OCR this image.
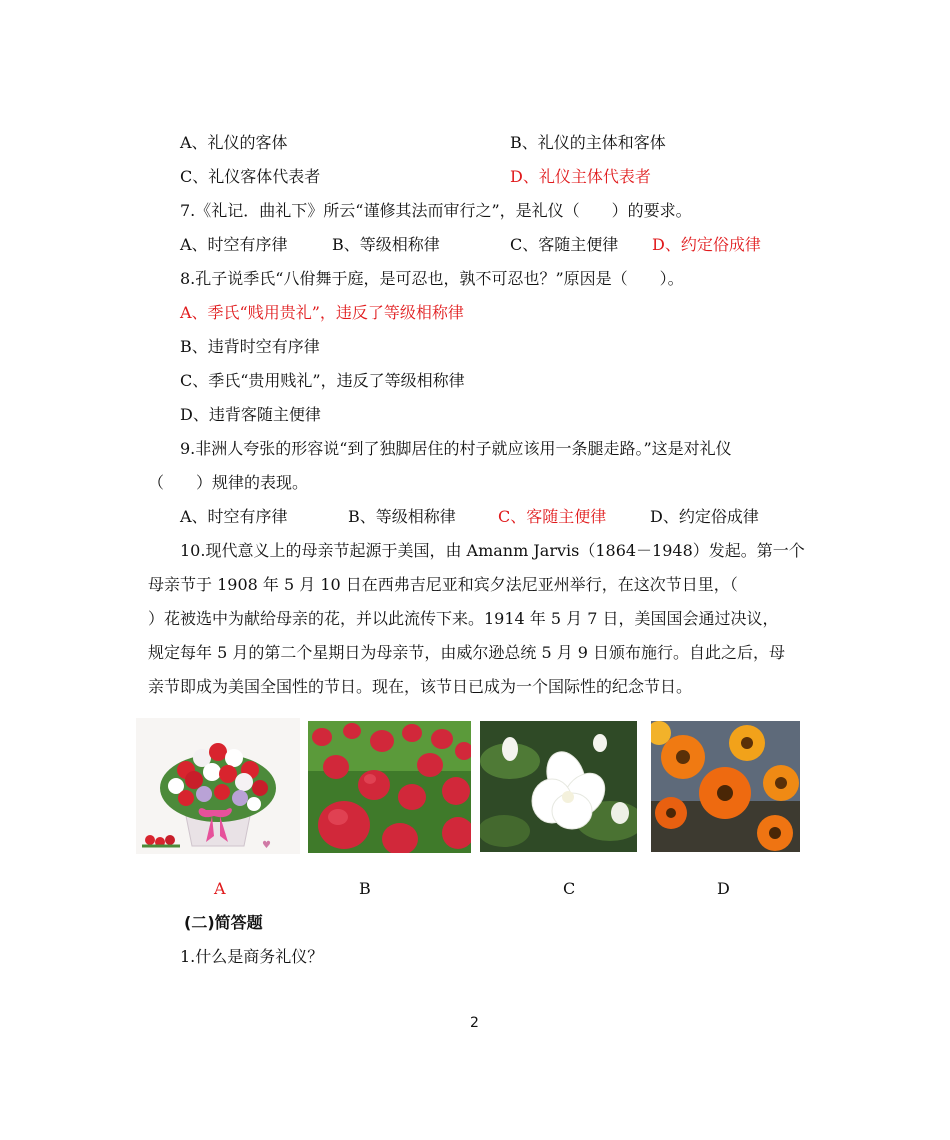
A、礼仪的客体	B、礼仪的主体和客体
C、礼仪客体代表者	D、礼仪主体代表者
7.《礼记．曲礼下》所云“谨修其法而审行之”，是礼仪（　　）的要求。
A、时空有序律	B、等级相称律	C、客随主便律 D、约定俗成律
8.孔子说季氏“八佾舞于庭，是可忍也，孰不可忍也？”原因是（　　）。
A、季氏“贱用贵礼”，违反了等级相称律
B、违背时空有序律
C、季氏“贵用贱礼”，违反了等级相称律
D、违背客随主便律
9.非洲人夸张的形容说“到了独脚居住的村子就应该用一条腿走路。”这是对礼仪
（　　）规律的表现。
A、时空有序律	B、等级相称律	C、客随主便律	D、约定俗成律
10.现代意义上的母亲节起源于美国，由 Amanm Jarvis（1864－1948）发起。第一个
母亲节于 1908 年 5 月 10 日在西弗吉尼亚和宾夕法尼亚州举行，在这次节日里，（
）花被选中为献给母亲的花，并以此流传下来。1914 年 5 月 7 日，美国国会通过决议，
规定每年 5 月的第二个星期日为母亲节，由威尔逊总统 5 月 9 日颁布施行。自此之后，母
亲节即成为美国全国性的节日。现在，该节日已成为一个国际性的纪念节日。
♥
A	B	C	D
(二)简答题
1.什么是商务礼仪？
2
